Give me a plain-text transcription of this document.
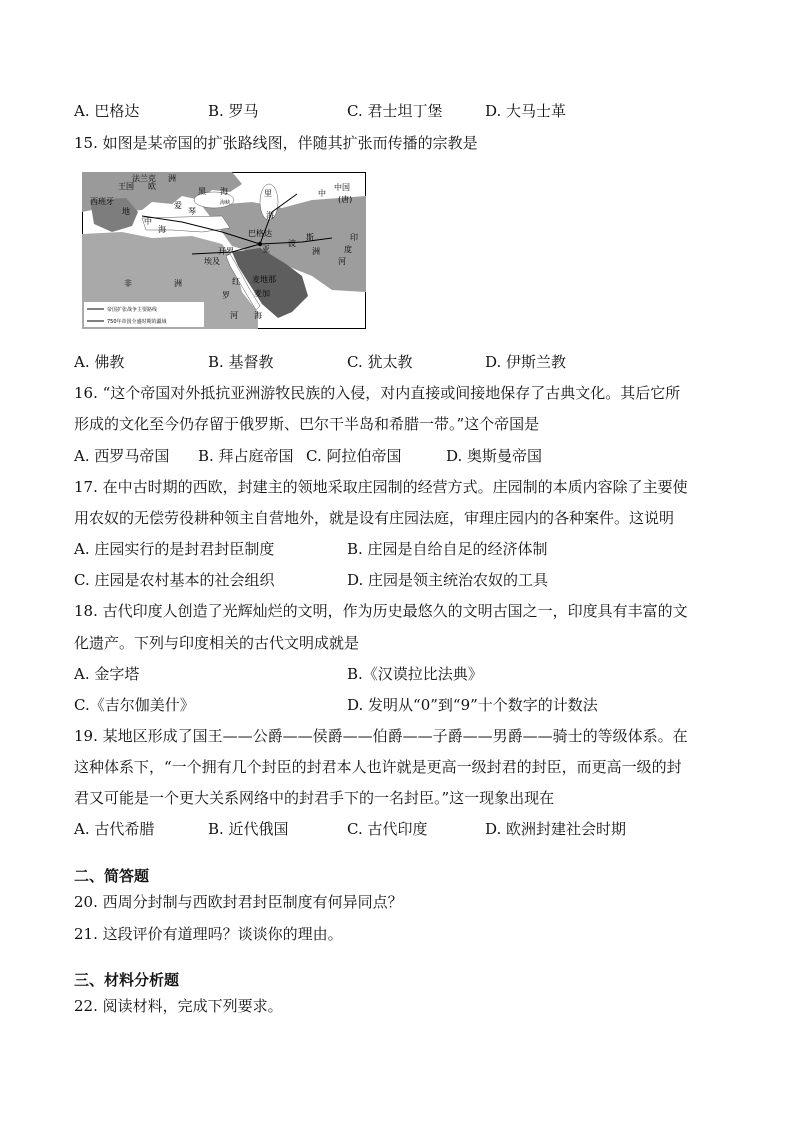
A. 巴格达	B. 罗马	C. 君士坦丁堡	D. 大马士革
15. 如图是某帝国的扩张路线图，伴随其扩张而传播的宗教是
法兰克 洲
王国 欧
西班牙
地
中
海
爱
黑 海
琴
海峡
里
海
中
中国
(唐)
巴格达
亚
波
斯
洲
印
度
河
非	洲
开罗
埃及
红 麦地那
麦加
罗
河 海
帝国扩张战争主要路线
750年帝国全盛时期的疆域
A. 佛教	B. 基督教	C. 犹太教	D. 伊斯兰教
16. “这个帝国对外抵抗亚洲游牧民族的入侵，对内直接或间接地保存了古典文化。其后它所
形成的文化至今仍存留于俄罗斯、巴尔干半岛和希腊一带。”这个帝国是
A. 西罗马帝国 B. 拜占庭帝国 C. 阿拉伯帝国	D. 奥斯曼帝国
17. 在中古时期的西欧，封建主的领地采取庄园制的经营方式。庄园制的本质内容除了主要使
用农奴的无偿劳役耕种领主自营地外，就是设有庄园法庭，审理庄园内的各种案件。这说明
A. 庄园实行的是封君封臣制度	B. 庄园是自给自足的经济体制
C. 庄园是农村基本的社会组织	D. 庄园是领主统治农奴的工具
18. 古代印度人创造了光辉灿烂的文明，作为历史最悠久的文明古国之一，印度具有丰富的文
化遗产。下列与印度相关的古代文明成就是
A. 金字塔	B.《汉谟拉比法典》
C.《吉尔伽美什》	D. 发明从“0”到“9”十个数字的计数法
19. 某地区形成了国王——公爵——侯爵——伯爵——子爵——男爵——骑士的等级体系。在
这种体系下，“一个拥有几个封臣的封君本人也许就是更高一级封君的封臣，而更高一级的封
君又可能是一个更大关系网络中的封君手下的一名封臣。”这一现象出现在
A. 古代希腊	B. 近代俄国	C. 古代印度	D. 欧洲封建社会时期
二、简答题
20. 西周分封制与西欧封君封臣制度有何异同点？
21. 这段评价有道理吗？谈谈你的理由。
三、材料分析题
22. 阅读材料，完成下列要求。
